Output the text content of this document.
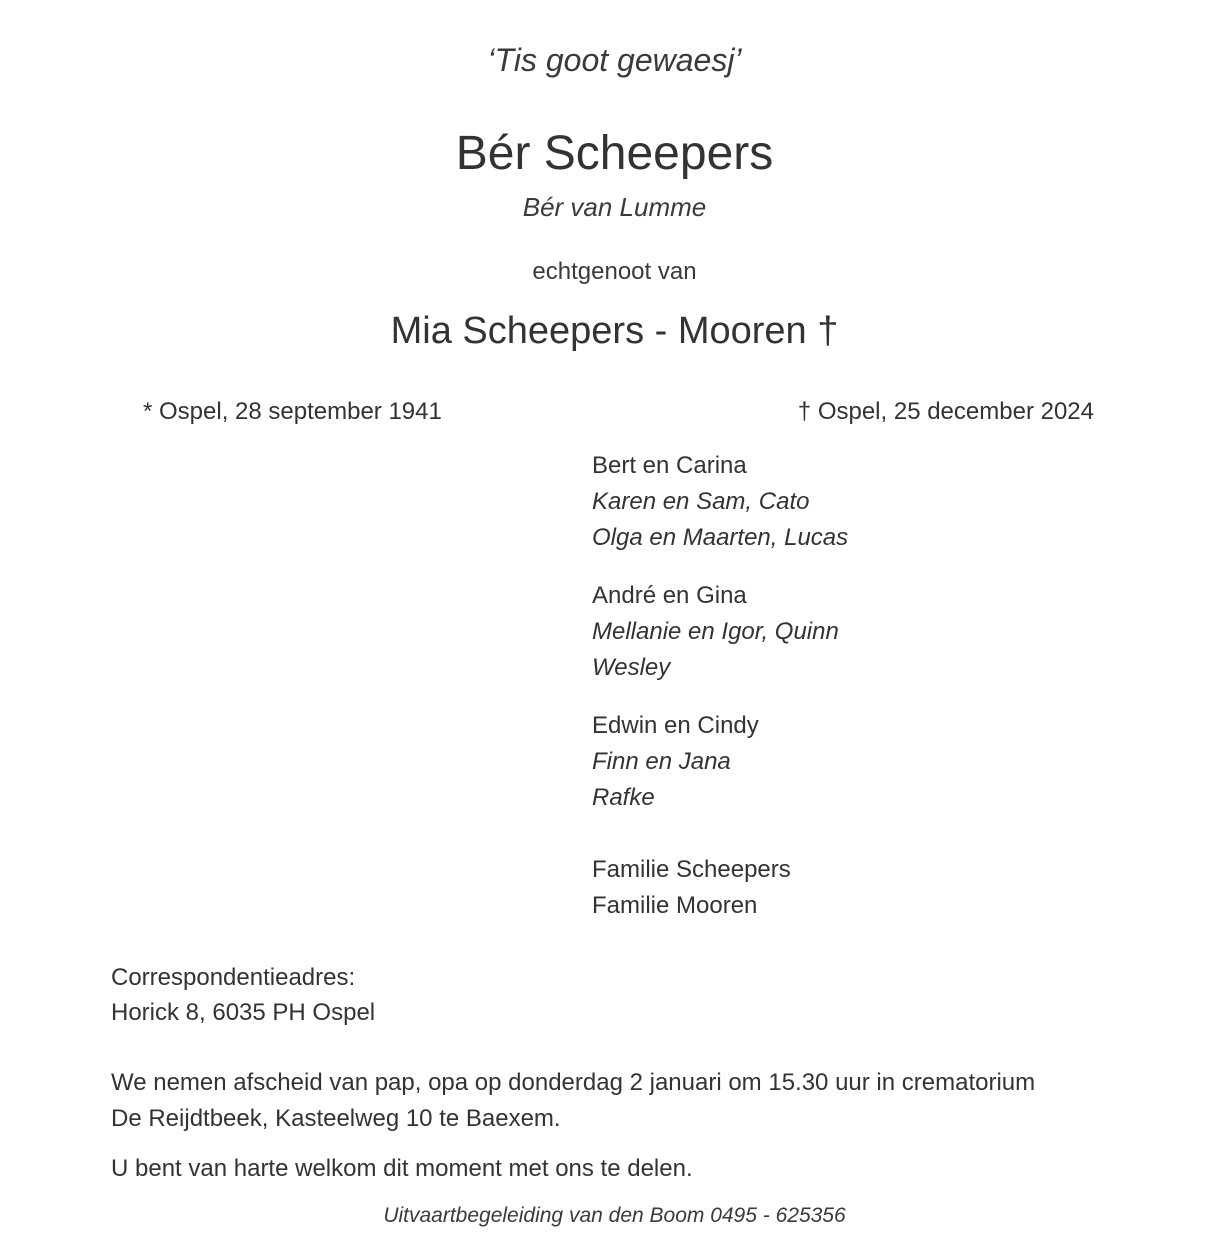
‘Tis goot gewaesj’
Bér Scheepers
Bér van Lumme
echtgenoot van
Mia Scheepers - Mooren †
* Ospel, 28 september 1941	† Ospel, 25 december 2024
Bert en Carina
Karen en Sam, Cato
Olga en Maarten, Lucas
André en Gina
Mellanie en Igor, Quinn
Wesley
Edwin en Cindy
Finn en Jana
Rafke
Familie Scheepers
Familie Mooren
Correspondentieadres:
Horick 8, 6035 PH Ospel
We nemen afscheid van pap, opa op donderdag 2 januari om 15.30 uur in crematorium
De Reijdtbeek, Kasteelweg 10 te Baexem.
U bent van harte welkom dit moment met ons te delen.
Uitvaartbegeleiding van den Boom 0495 - 625356
